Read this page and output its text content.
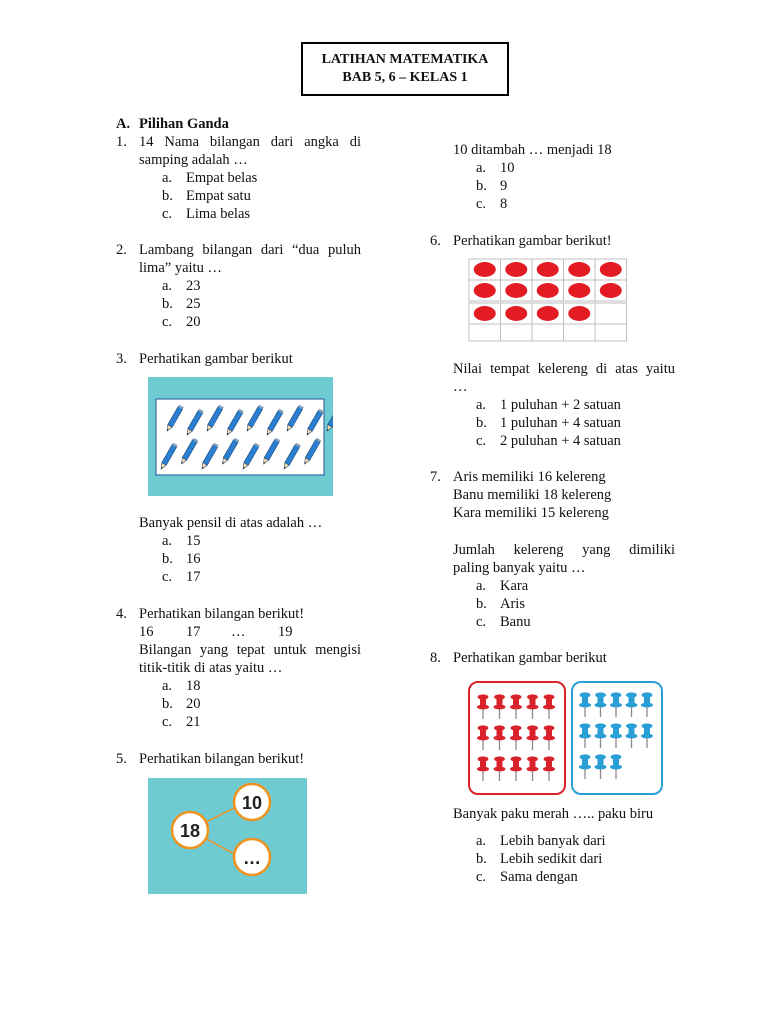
LATIHAN MATEMATIKA
BAB 5, 6 – KELAS 1
A. Pilihan Ganda
1. 14 Nama bilangan dari angka di
samping adalah …
a. Empat belas
b. Empat satu
c. Lima belas
2. Lambang bilangan dari “dua puluh
lima” yaitu …
a. 23
b. 25
c. 20
3. Perhatikan gambar berikut
Banyak pensil di atas adalah …
a. 15
b. 16
c. 17
4. Perhatikan bilangan berikut!
16 17 … 19
Bilangan yang tepat untuk mengisi
titik-titik di atas yaitu …
a. 18
b. 20
c. 21
5. Perhatikan bilangan berikut!
18
10
…
10 ditambah … menjadi 18
a. 10
b. 9
c. 8
6. Perhatikan gambar berikut!
Nilai tempat kelereng di atas yaitu
…
a. 1 puluhan + 2 satuan
b. 1 puluhan + 4 satuan
c. 2 puluhan + 4 satuan
7. Aris memiliki 16 kelereng
Banu memiliki 18 kelereng
Kara memiliki 15 kelereng
Jumlah kelereng yang dimiliki
paling banyak yaitu …
a. Kara
b. Aris
c. Banu
8. Perhatikan gambar berikut
Banyak paku merah ….. paku biru
a. Lebih banyak dari
b. Lebih sedikit dari
c. Sama dengan
